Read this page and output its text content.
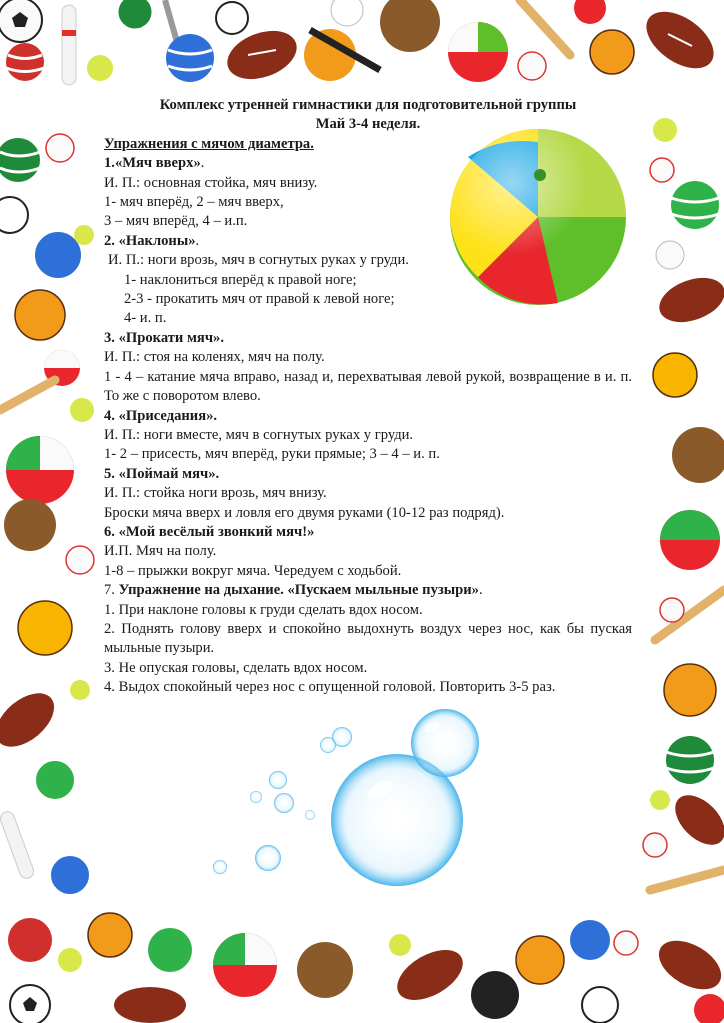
Комплекс утренней гимнастики для подготовительной группы

Май 3-4 неделя.

Упражнения с мячом диаметра.

1.«Мяч вверх».

И. П.: основная стойка, мяч внизу.

1- мяч вперёд, 2 – мяч вверх,

3 – мяч вперёд, 4 – и.п.

2. «Наклоны».

И. П.: ноги врозь, мяч в согнутых руках у груди.

1- наклониться вперёд к правой ноге;

2-3 - прокатить мяч от правой к левой ноге;

4- и. п.

3. «Прокати мяч».

И. П.: стоя на коленях, мяч на полу.

1 - 4 – катание мяча вправо, назад и, перехватывая левой рукой, возвращение в и. п. То же с поворотом влево.

4. «Приседания».

И. П.: ноги вместе, мяч в согнутых руках у груди.

1- 2 – присесть, мяч вперёд, руки прямые; 3 – 4 – и. п.

5. «Поймай мяч».

И. П.: стойка ноги врозь, мяч внизу.

Броски мяча вверх и ловля его двумя руками (10-12 раз подряд).

6. «Мой весёлый звонкий мяч!»

И.П. Мяч на полу.

1-8 – прыжки вокруг мяча. Чередуем с ходьбой.

7. Упражнение на дыхание. «Пускаем мыльные пузыри».

1. При наклоне головы к груди сделать вдох носом.

2. Поднять голову вверх и спокойно выдохнуть воздух через нос, как бы пуская мыльные пузыри.

3. Не опуская головы, сделать вдох носом.

4. Выдох спокойный через нос с опущенной головой. Повторить 3-5 раз.
